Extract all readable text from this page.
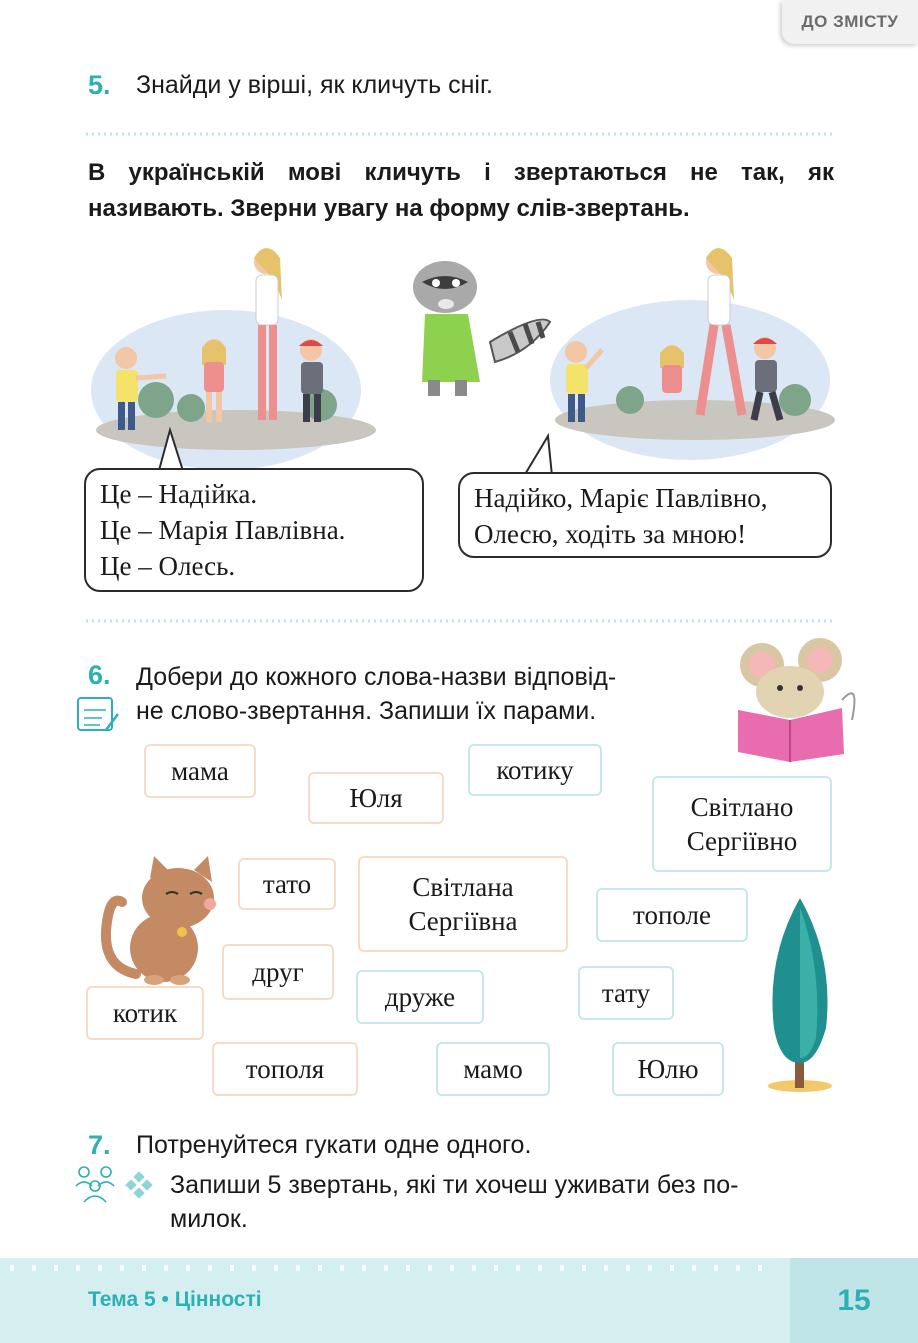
ДО ЗМІСТУ
5. Знайди у вірші, як кличуть сніг.
В українській мові кличуть і звертаються не так, як називають. Зверни увагу на форму слів-звертань.
Це – Надійка.
Це – Марія Павлівна.
Це – Олесь.
Надійко, Маріє Павлівно,
Олесю, ходіть за мною!
6. Добери до кожного слова-назви відповід-
не слово-звертання. Запиши їх парами.
мама
Юля
котику
Світлано
Сергіївно
тато	Світлана
Сергіївна	тополе
друг
друже	тату
котик
тополя	мамо	Юлю
7. Потренуйтеся гукати одне одного.
Запиши 5 звертань, які ти хочеш уживати без по-
милок.
15
Тема 5 • Цінності
